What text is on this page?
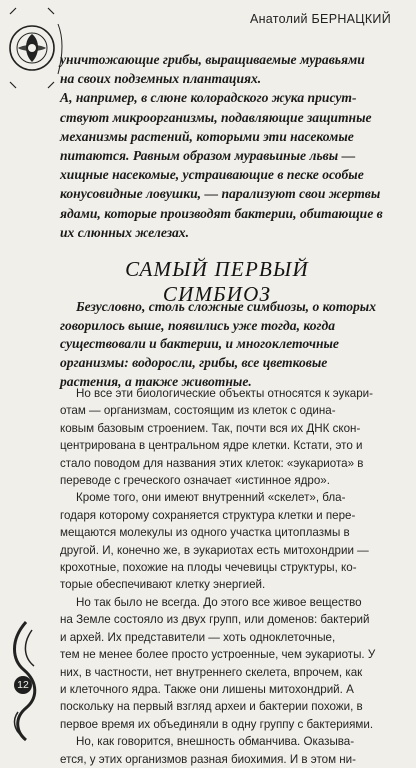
Анатолий БЕРНАЦКИЙ
уничтожающие грибы, выращиваемые муравьями
на своих подземных плантациях.
А, например, в слюне колорадского жука присут-
ствуют микроорганизмы, подавляющие защитные
механизмы растений, которыми эти насекомые
питаются. Равным образом муравьиные львы —
хищные насекомые, устраивающие в песке особые
конусовидные ловушки, — парализуют свои жертвы
ядами, которые производят бактерии, обитающие в
их слюнных железах.
САМЫЙ ПЕРВЫЙ СИМБИОЗ
Безусловно, столь сложные симбиозы, о которых
говорилось выше, появились уже тогда, когда
существовали и бактерии, и многоклеточные
организмы: водоросли, грибы, все цветковые
растения, а также животные.
Но все эти биологические объекты относятся к эукари-
отам — организмам, состоящим из клеток с одина-
ковым базовым строением. Так, почти вся их ДНК скон-
центрирована в центральном ядре клетки. Кстати, это и
стало поводом для названия этих клеток: «эукариота» в
переводе с греческого означает «истинное ядро».
Кроме того, они имеют внутренний «скелет», бла-
годаря которому сохраняется структура клетки и пере-
мещаются молекулы из одного участка цитоплазмы в
другой. И, конечно же, в эукариотах есть митохондрии —
крохотные, похожие на плоды чечевицы структуры, ко-
торые обеспечивают клетку энергией.
Но так было не всегда. До этого все живое вещество
на Земле состояло из двух групп, или доменов: бактерий
и архей. Их представители — хоть одноклеточные,
тем не менее более просто устроенные, чем эукариоты. У
них, в частности, нет внутреннего скелета, впрочем, как
и клеточного ядра. Также они лишены митохондрий. А
поскольку на первый взгляд археи и бактерии похожи, в
первое время их объединяли в одну группу с бактериями.
Но, как говорится, внешность обманчива. Оказыва-
ется, у этих организмов разная биохимия. И в этом ни-
12
